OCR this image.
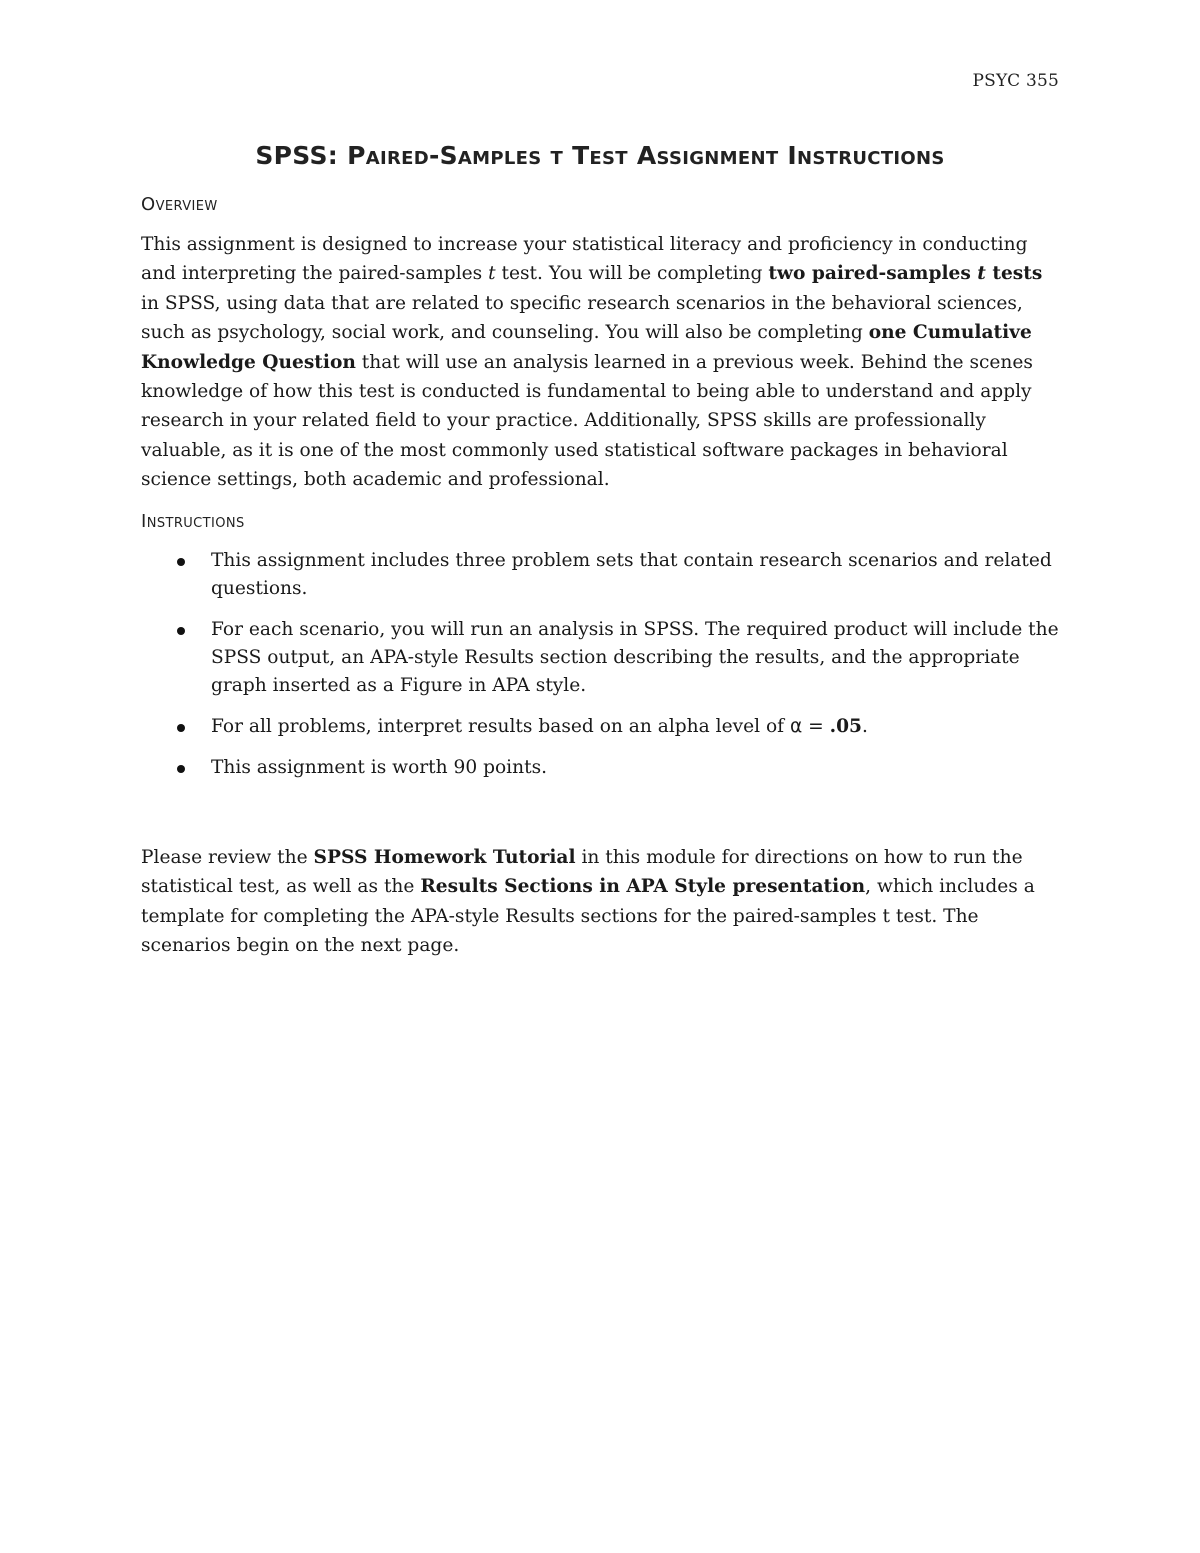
PSYC 355
SPSS: Paired-Samples t Test Assignment Instructions
Overview
This assignment is designed to increase your statistical literacy and proficiency in conducting and interpreting the paired-samples t test. You will be completing two paired-samples t tests in SPSS, using data that are related to specific research scenarios in the behavioral sciences, such as psychology, social work, and counseling. You will also be completing one Cumulative Knowledge Question that will use an analysis learned in a previous week. Behind the scenes knowledge of how this test is conducted is fundamental to being able to understand and apply research in your related field to your practice. Additionally, SPSS skills are professionally valuable, as it is one of the most commonly used statistical software packages in behavioral science settings, both academic and professional.
Instructions
This assignment includes three problem sets that contain research scenarios and related questions.
For each scenario, you will run an analysis in SPSS. The required product will include the SPSS output, an APA-style Results section describing the results, and the appropriate graph inserted as a Figure in APA style.
For all problems, interpret results based on an alpha level of α = .05.
This assignment is worth 90 points.
Please review the SPSS Homework Tutorial in this module for directions on how to run the statistical test, as well as the Results Sections in APA Style presentation, which includes a template for completing the APA-style Results sections for the paired-samples t test. The scenarios begin on the next page.
